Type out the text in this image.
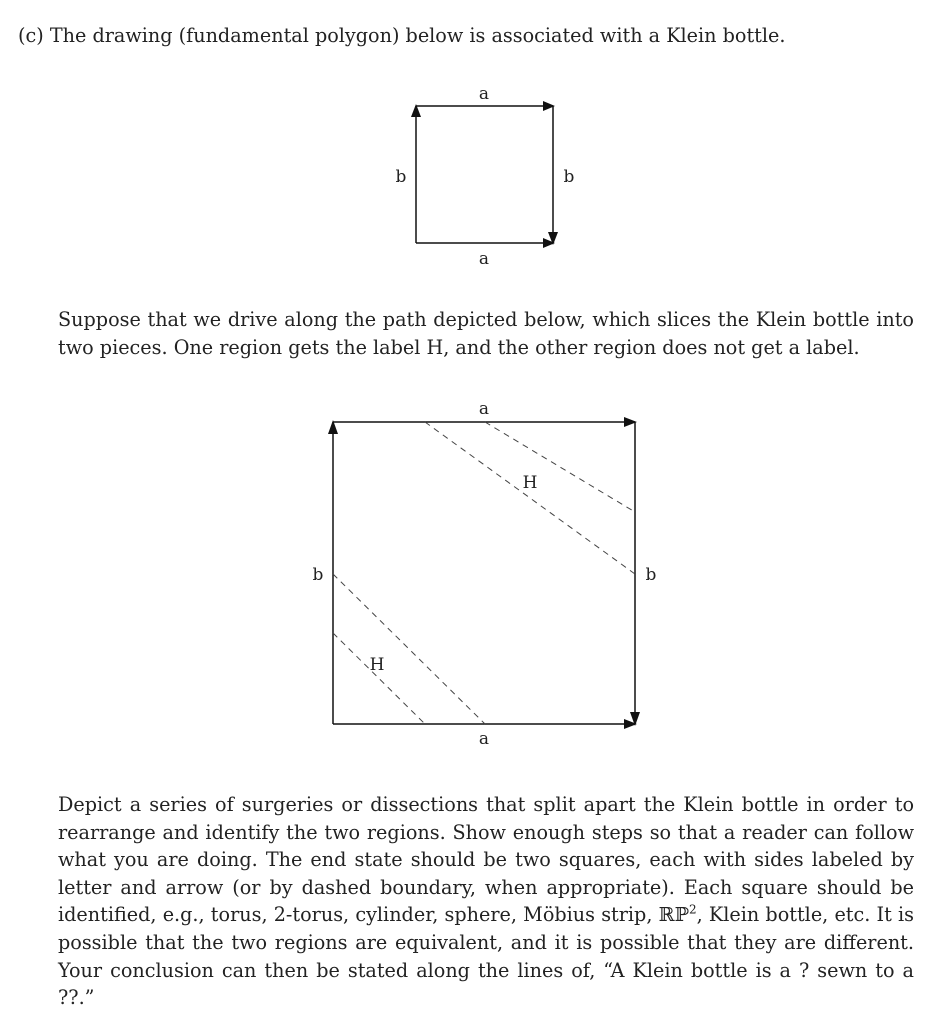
(c) The drawing (fundamental polygon) below is associated with a Klein bottle.

a
a
b	b

Suppose that we drive along the path depicted below, which slices the Klein bottle into two pieces. One region gets the label H, and the other region does not get a label.

a
a
b	b
H
H

Depict a series of surgeries or dissections that split apart the Klein bottle in order to rearrange and identify the two regions. Show enough steps so that a reader can follow what you are doing. The end state should be two squares, each with sides labeled by letter and arrow (or by dashed boundary, when appropriate). Each square should be identified, e.g., torus, 2-torus, cylinder, sphere, Möbius strip, ℝℙ$^2$, Klein bottle, etc. It is possible that the two regions are equivalent, and it is possible that they are different. Your conclusion can then be stated along the lines of, “A Klein bottle is a ? sewn to a ??.”
